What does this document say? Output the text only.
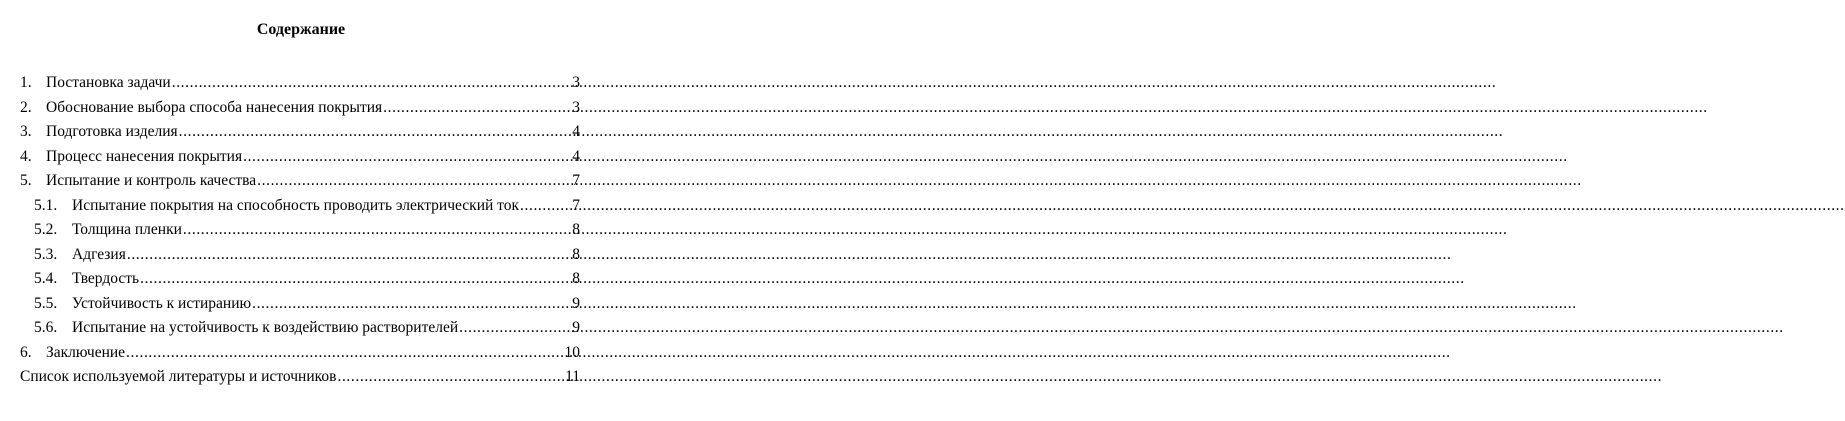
Содержание
1. Постановка задачи .....	3
2. Обоснование выбора способа нанесения покрытия .....	3
3. Подготовка изделия .....	4
4. Процесс нанесения покрытия .....	4
5. Испытание и контроль качества .....	7
5.1. Испытание покрытия на способность проводить электрический ток .....	7
5.2. Толщина пленки .....	8
5.3. Адгезия .....	8
5.4. Твердость .....	8
5.5. Устойчивость к истиранию .....	9
5.6. Испытание на устойчивость к воздействию растворителей .....	9
6. Заключение .....	10
Список используемой литературы и источников .....	11
